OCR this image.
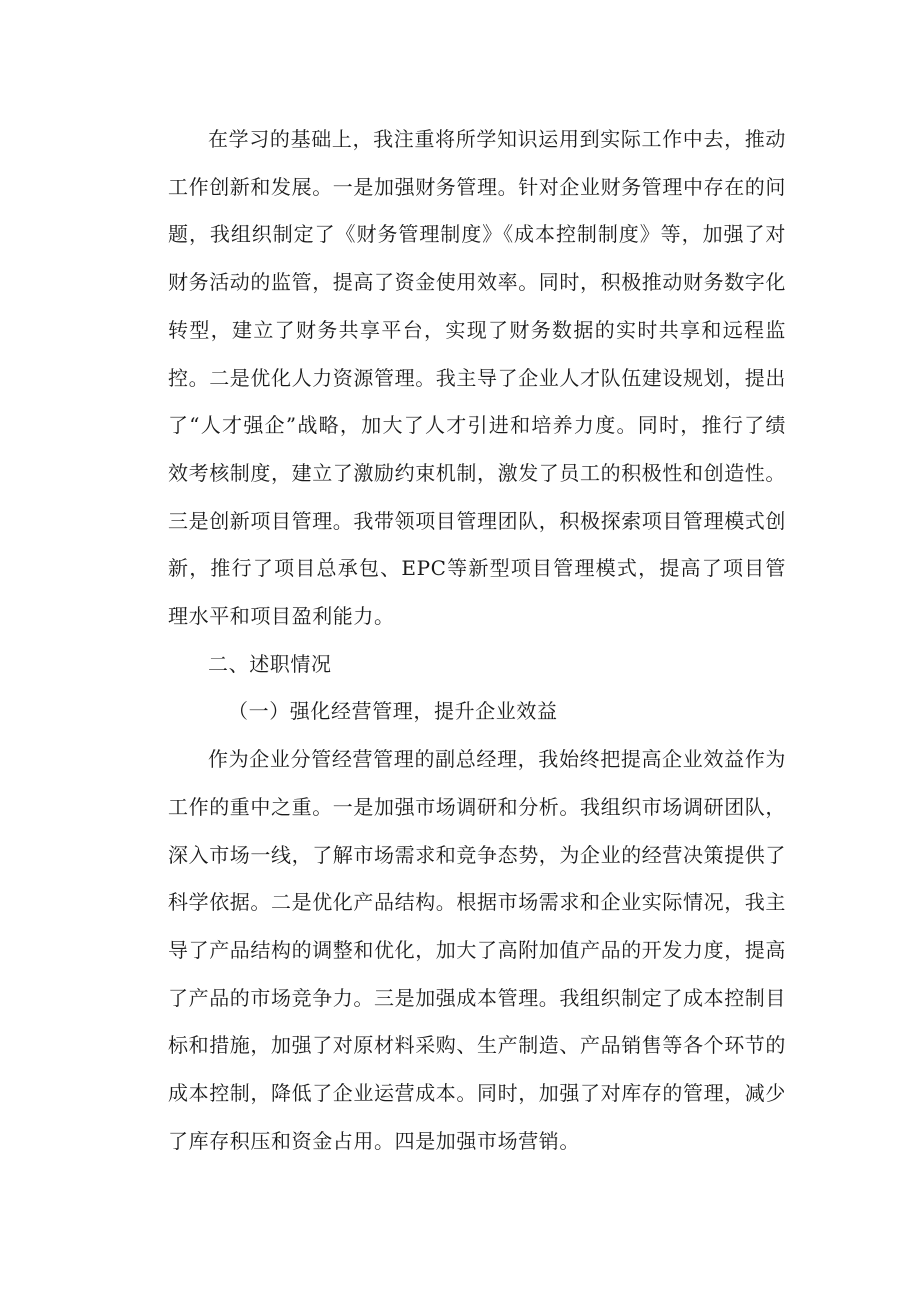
在学习的基础上，我注重将所学知识运用到实际工作中去，推动工作创新和发展。一是加强财务管理。针对企业财务管理中存在的问题，我组织制定了《财务管理制度》《成本控制制度》等，加强了对财务活动的监管，提高了资金使用效率。同时，积极推动财务数字化转型，建立了财务共享平台，实现了财务数据的实时共享和远程监控。二是优化人力资源管理。我主导了企业人才队伍建设规划，提出了“人才强企”战略，加大了人才引进和培养力度。同时，推行了绩效考核制度，建立了激励约束机制，激发了员工的积极性和创造性。三是创新项目管理。我带领项目管理团队，积极探索项目管理模式创新，推行了项目总承包、EPC等新型项目管理模式，提高了项目管理水平和项目盈利能力。

二、述职情况

（一）强化经营管理，提升企业效益

作为企业分管经营管理的副总经理，我始终把提高企业效益作为工作的重中之重。一是加强市场调研和分析。我组织市场调研团队，深入市场一线，了解市场需求和竞争态势，为企业的经营决策提供了科学依据。二是优化产品结构。根据市场需求和企业实际情况，我主导了产品结构的调整和优化，加大了高附加值产品的开发力度，提高了产品的市场竞争力。三是加强成本管理。我组织制定了成本控制目标和措施，加强了对原材料采购、生产制造、产品销售等各个环节的成本控制，降低了企业运营成本。同时，加强了对库存的管理，减少了库存积压和资金占用。四是加强市场营销。
